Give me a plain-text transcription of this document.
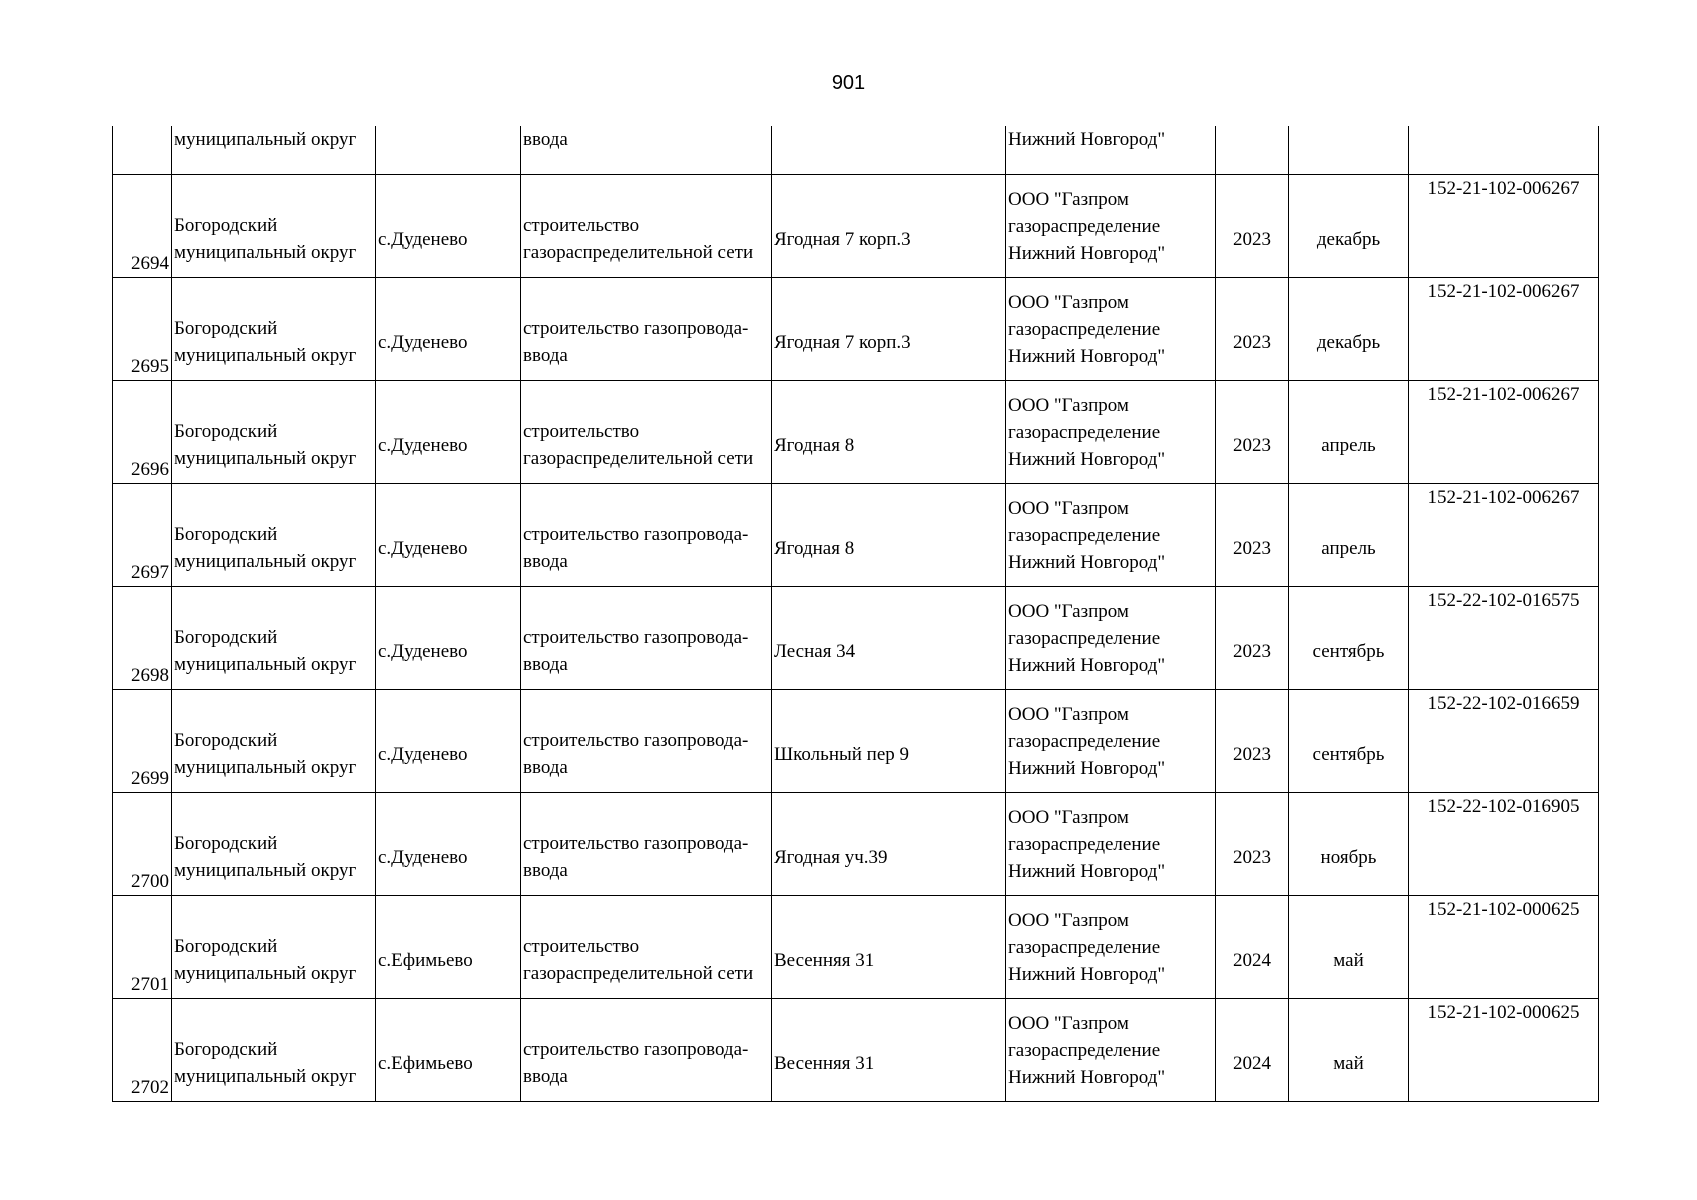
901
	муниципальный округ		ввода		Нижний Новгород"			
2694	Богородский
муниципальный округ	с.Дуденево	строительство
газораспределительной сети	Ягодная 7 корп.3	ООО "Газпром
газораспределение
Нижний Новгород"	2023	декабрь	152-21-102-006267
2695	Богородский
муниципальный округ	с.Дуденево	строительство газопровода-
ввода	Ягодная 7 корп.3	ООО "Газпром
газораспределение
Нижний Новгород"	2023	декабрь	152-21-102-006267
2696	Богородский
муниципальный округ	с.Дуденево	строительство
газораспределительной сети	Ягодная 8	ООО "Газпром
газораспределение
Нижний Новгород"	2023	апрель	152-21-102-006267
2697	Богородский
муниципальный округ	с.Дуденево	строительство газопровода-
ввода	Ягодная 8	ООО "Газпром
газораспределение
Нижний Новгород"	2023	апрель	152-21-102-006267
2698	Богородский
муниципальный округ	с.Дуденево	строительство газопровода-
ввода	Лесная 34	ООО "Газпром
газораспределение
Нижний Новгород"	2023	сентябрь	152-22-102-016575
2699	Богородский
муниципальный округ	с.Дуденево	строительство газопровода-
ввода	Школьный пер 9	ООО "Газпром
газораспределение
Нижний Новгород"	2023	сентябрь	152-22-102-016659
2700	Богородский
муниципальный округ	с.Дуденево	строительство газопровода-
ввода	Ягодная уч.39	ООО "Газпром
газораспределение
Нижний Новгород"	2023	ноябрь	152-22-102-016905
2701	Богородский
муниципальный округ	с.Ефимьево	строительство
газораспределительной сети	Весенняя 31	ООО "Газпром
газораспределение
Нижний Новгород"	2024	май	152-21-102-000625
2702	Богородский
муниципальный округ	с.Ефимьево	строительство газопровода-
ввода	Весенняя 31	ООО "Газпром
газораспределение
Нижний Новгород"	2024	май	152-21-102-000625
